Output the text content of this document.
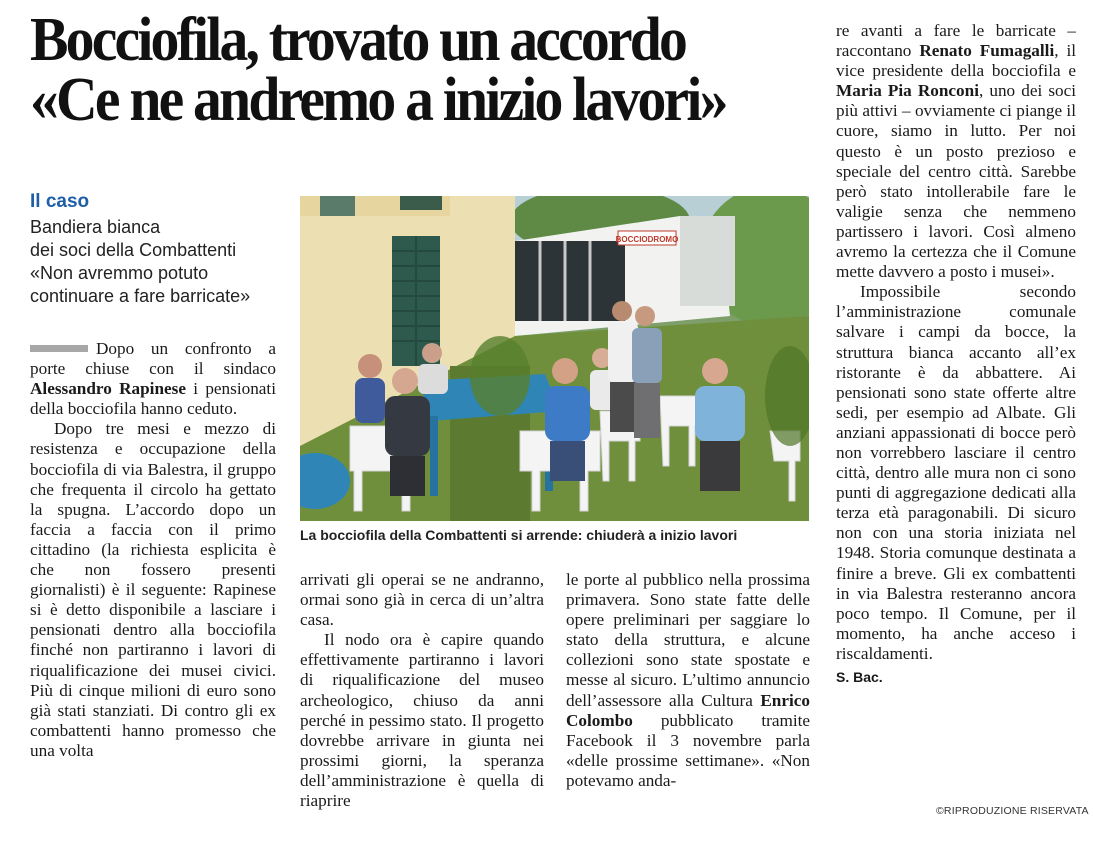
Bocciofila, trovato un accordo
«Ce ne andremo a inizio lavori»
Il caso
Bandiera bianca
dei soci della Combattenti
«Non avremmo potuto
continuare a fare barricate»

Dopo un confronto a porte chiuse con il sindaco Alessandro Rapinese i pensionati della bocciofila hanno ceduto.

Dopo tre mesi e mezzo di resistenza e occupazione della bocciofila di via Balestra, il gruppo che frequenta il circolo ha gettato la spugna. L’accordo dopo un faccia a faccia con il primo cittadino (la richiesta esplicita è che non fossero presenti giornalisti) è il seguente: Rapinese si è detto disponibile a lasciare i pensionati dentro alla bocciofila finché non partiranno i lavori di riqualificazione dei musei civici. Più di cinque milioni di euro sono già stati stanziati. Di contro gli ex combattenti hanno promesso che una volta

BOCCIODROMO
La bocciofila della Combattenti si arrende: chiuderà a inizio lavori

arrivati gli operai se ne andranno, ormai sono già in cerca di un’altra casa.

Il nodo ora è capire quando effettivamente partiranno i lavori di riqualificazione del museo archeologico, chiuso da anni perché in pessimo stato. Il progetto dovrebbe arrivare in giunta nei prossimi giorni, la speranza dell’amministrazione è quella di riaprire

le porte al pubblico nella prossima primavera. Sono state fatte delle opere preliminari per saggiare lo stato della struttura, e alcune collezioni sono state spostate e messe al sicuro. L’ultimo annuncio dell’assessore alla Cultura Enrico Colombo pubblicato tramite Facebook il 3 novembre parla «delle prossime settimane». «Non potevamo anda-

re avanti a fare le barricate – raccontano Renato Fumagalli, il vice presidente della bocciofila e Maria Pia Ronconi, uno dei soci più attivi – ovviamente ci piange il cuore, siamo in lutto. Per noi questo è un posto prezioso e speciale del centro città. Sarebbe però stato intollerabile fare le valigie senza che nemmeno partissero i lavori. Così almeno avremo la certezza che il Comune mette davvero a posto i musei».

Impossibile secondo l’amministrazione comunale salvare i campi da bocce, la struttura bianca accanto all’ex ristorante è da abbattere. Ai pensionati sono state offerte altre sedi, per esempio ad Albate. Gli anziani appassionati di bocce però non vorrebbero lasciare il centro città, dentro alle mura non ci sono punti di aggregazione dedicati alla terza età paragonabili. Di sicuro non con una storia iniziata nel 1948. Storia comunque destinata a finire a breve. Gli ex combattenti in via Balestra resteranno ancora poco tempo. Il Comune, per il momento, ha anche acceso i riscaldamenti.

S. Bac.

©RIPRODUZIONE RISERVATA
